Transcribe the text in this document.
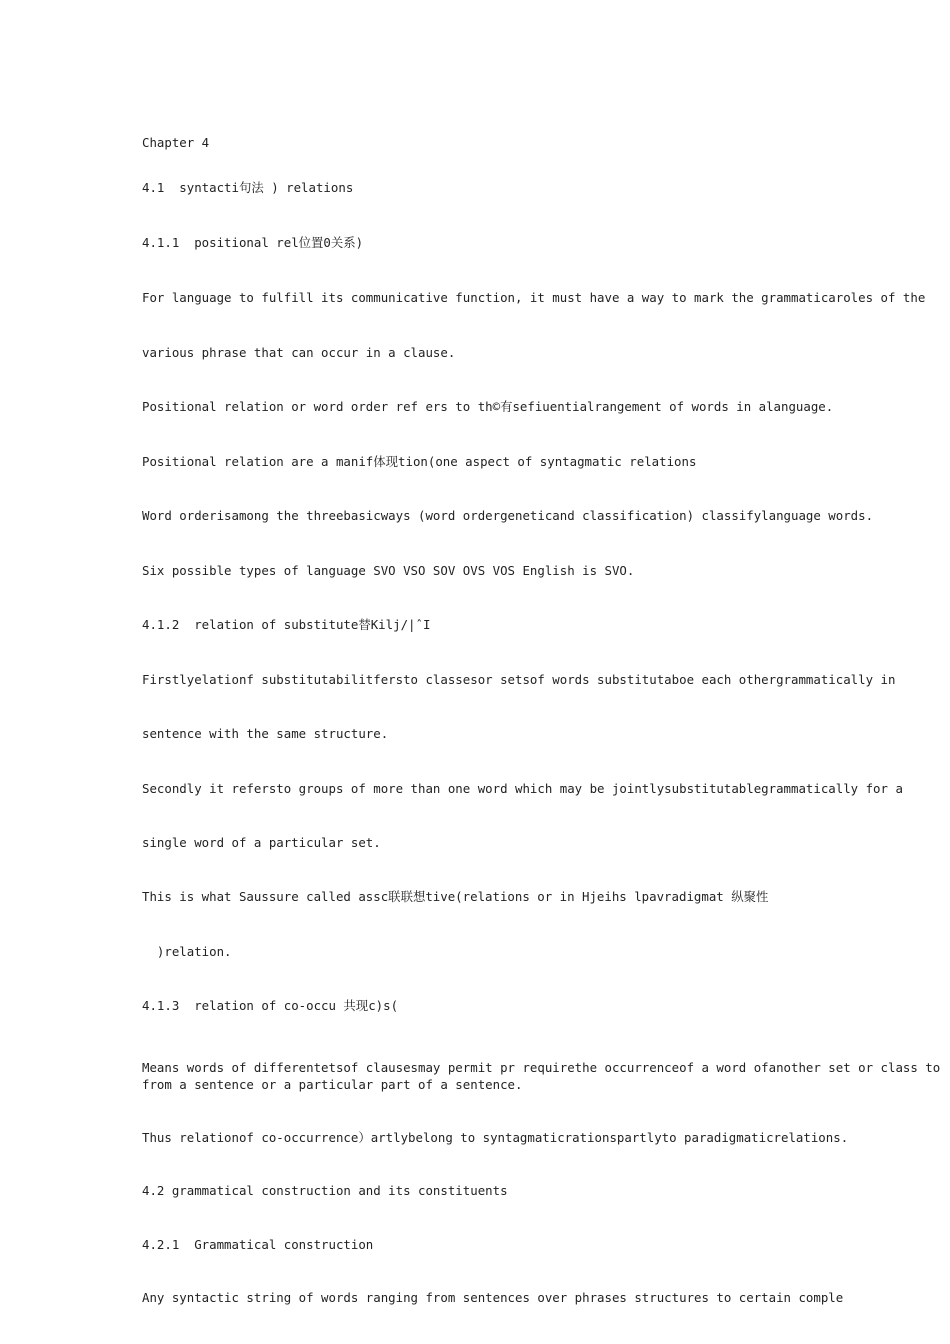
Chapter 4
4.1  syntacti句法 ) relations
4.1.1  positional rel位置0关系)
For language to fulfill its communicative function, it must have a way to mark the grammaticaroles of the
various phrase that can occur in a clause.
Positional relation or word order ref ers to th©有sefiuentialrangement of words in alanguage.
Positional relation are a manif体现tion(one aspect of syntagmatic relations
Word orderisamong the threebasicways (word ordergeneticand classification) classifylanguage words.
Six possible types of language SVO VSO SOV OVS VOS English is SVO.
4.1.2  relation of substitute替Kilj/|ˆI
Firstlyelationf substitutabilitfersto classesor setsof words substitutaboe each othergrammatically in
sentence with the same structure.
Secondly it refersto groups of more than one word which may be jointlysubstitutablegrammatically for a
single word of a particular set.
This is what Saussure called assc联联想tive(relations or in Hjeihs lpavradigmat 纵聚性
)relation.
4.1.3  relation of co-occu 共现c)s(
Means words of differentetsof clausesmay permit pr requirethe occurrenceof a word ofanother set or class to
from a sentence or a particular part of a sentence.
Thus relationof co-occurrence）artlybelong to syntagmaticrationspartlyto paradigmaticrelations.
4.2 grammatical construction and its constituents
4.2.1  Grammatical construction
Any syntactic string of words ranging from sentences over phrases structures to certain comple
